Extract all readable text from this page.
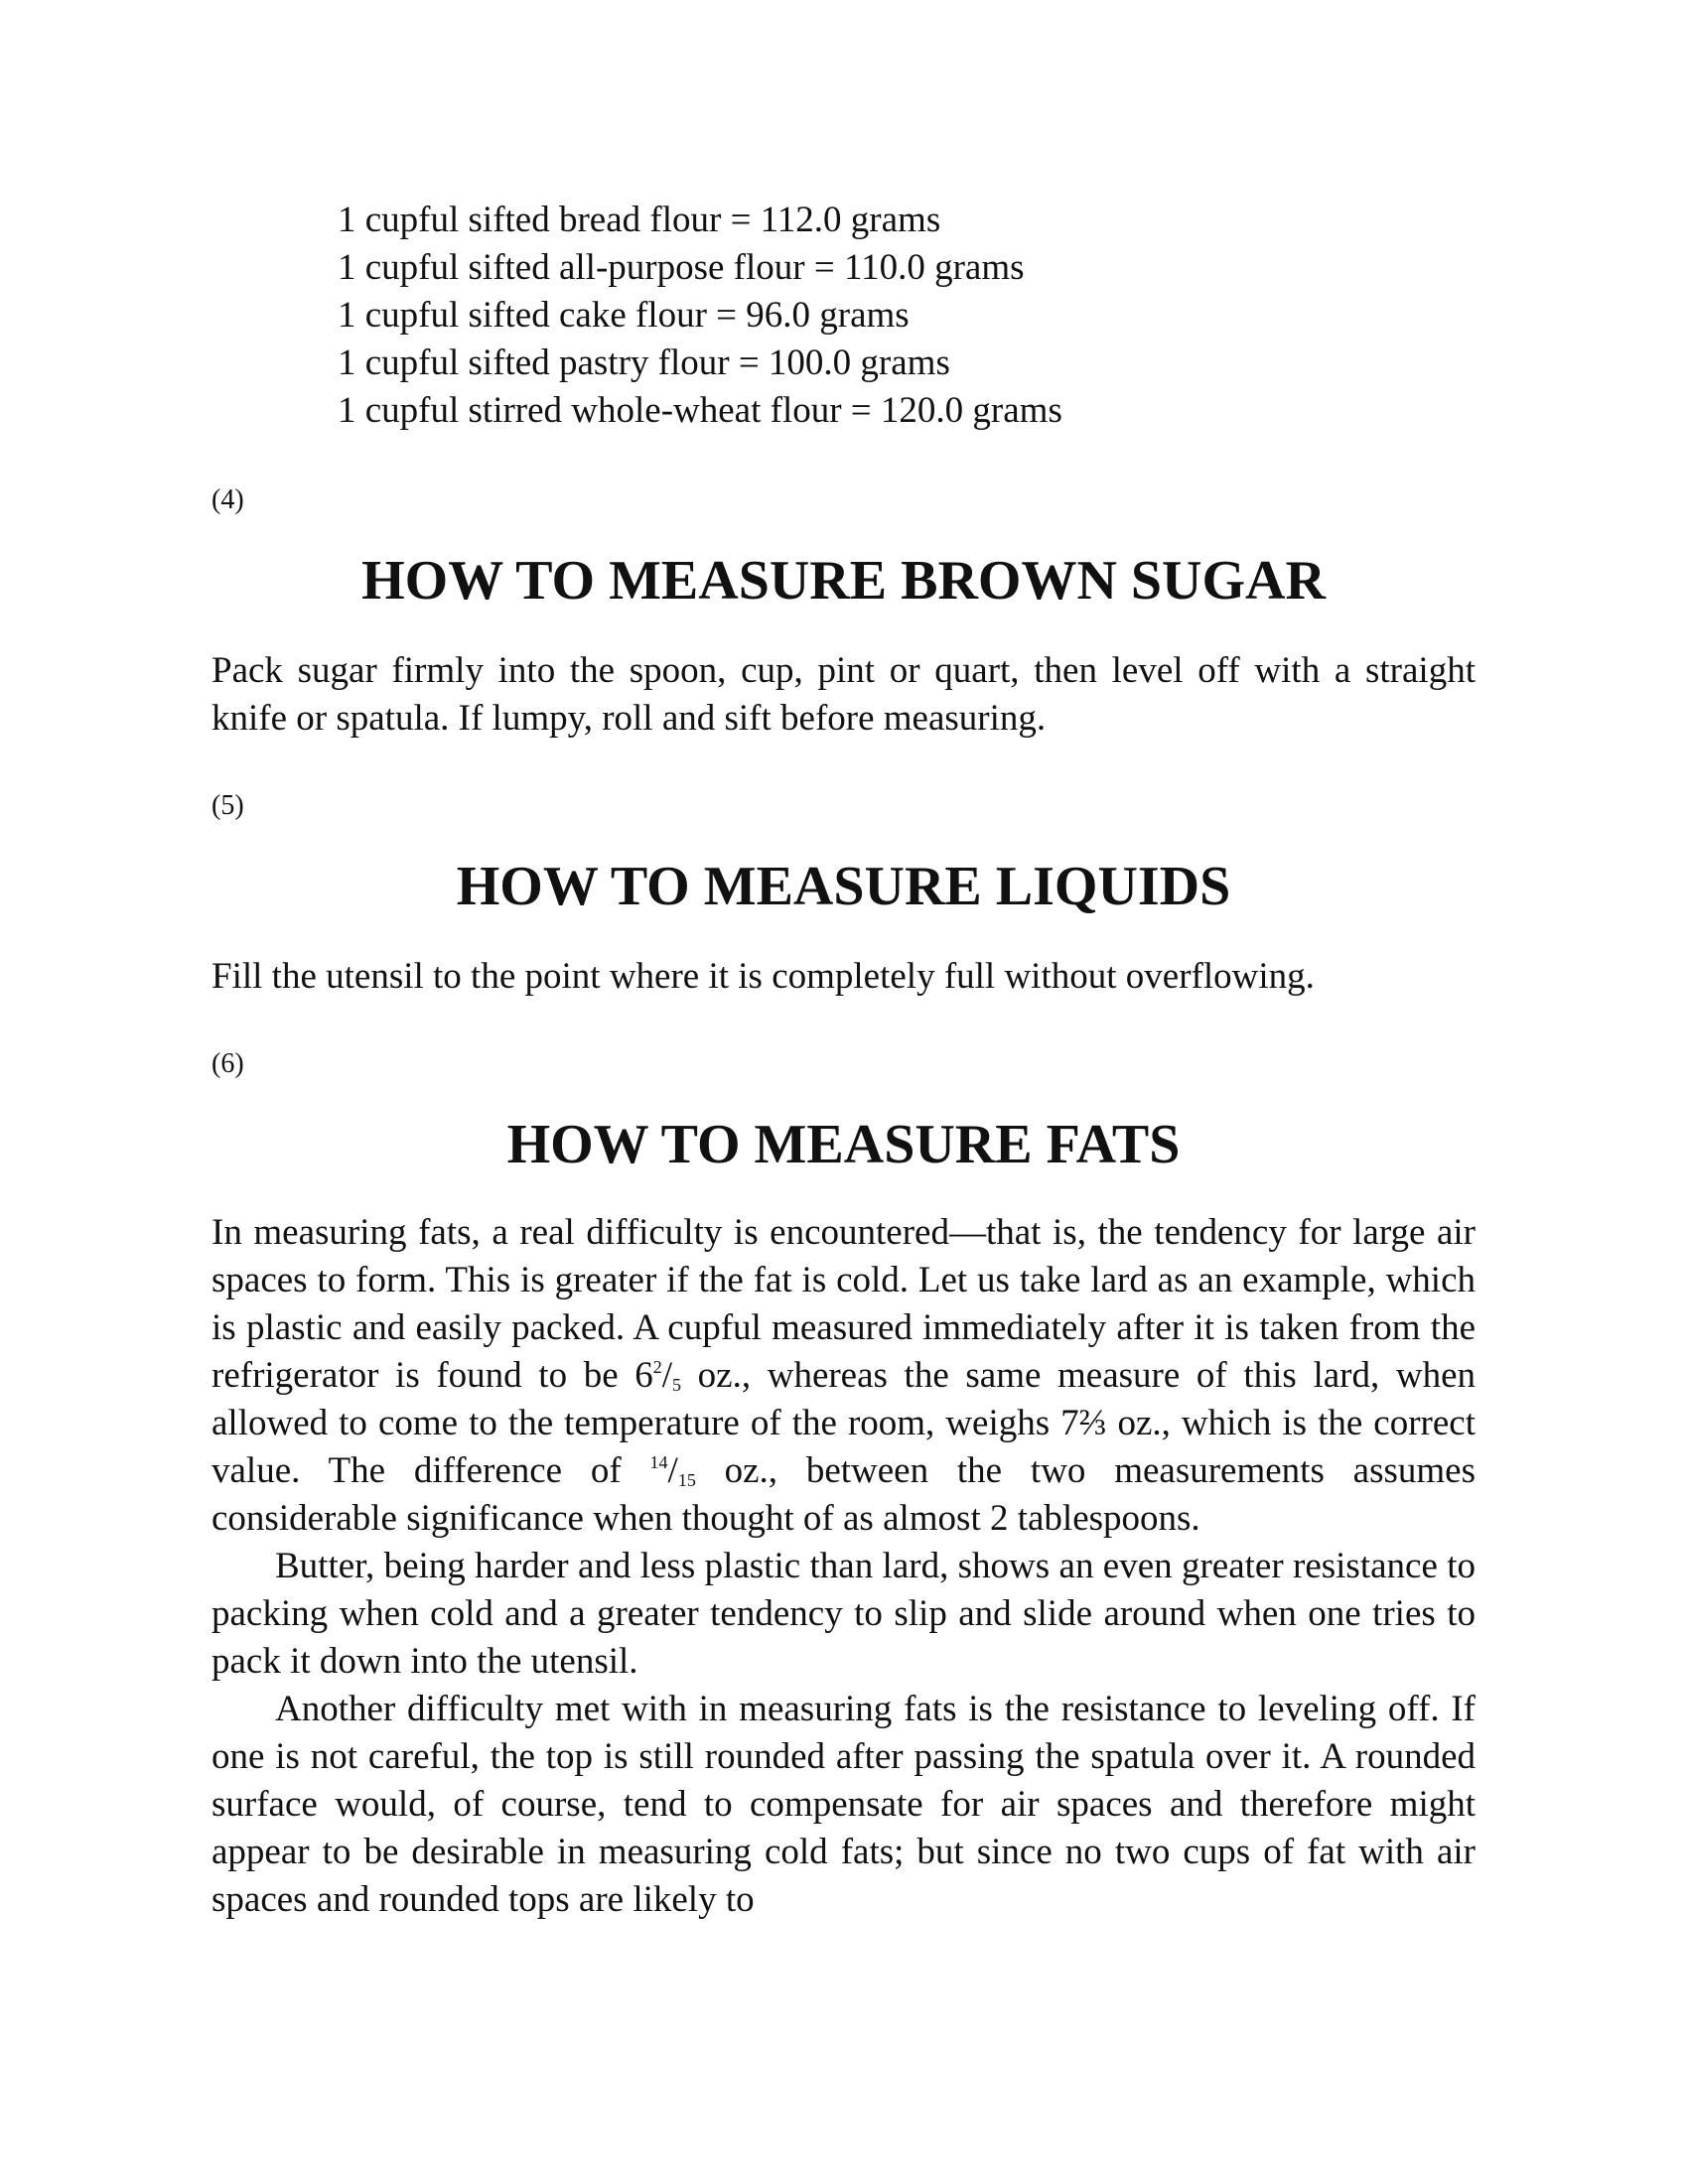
1 cupful sifted bread flour = 112.0 grams
1 cupful sifted all-purpose flour = 110.0 grams
1 cupful sifted cake flour = 96.0 grams
1 cupful sifted pastry flour = 100.0 grams
1 cupful stirred whole-wheat flour = 120.0 grams
(4)
HOW TO MEASURE BROWN SUGAR

Pack sugar firmly into the spoon, cup, pint or quart, then level off with a straight knife or spatula. If lumpy, roll and sift before measuring.

(5)
HOW TO MEASURE LIQUIDS

Fill the utensil to the point where it is completely full without overflowing.

(6)
HOW TO MEASURE FATS

In measuring fats, a real difficulty is encountered—that is, the tendency for large air spaces to form. This is greater if the fat is cold. Let us take lard as an example, which is plastic and easily packed. A cupful measured immediately after it is taken from the refrigerator is found to be $6^2/5$ oz., whereas the same measure of this lard, when allowed to come to the temperature of the room, weighs 7⅔ oz., which is the correct value. The difference of $^{14}$/15 oz., between the two measurements assumes considerable significance when thought of as almost 2 tablespoons.

Butter, being harder and less plastic than lard, shows an even greater resistance to packing when cold and a greater tendency to slip and slide around when one tries to pack it down into the utensil.

Another difficulty met with in measuring fats is the resistance to leveling off. If one is not careful, the top is still rounded after passing the spatula over it. A rounded surface would, of course, tend to compensate for air spaces and therefore might appear to be desirable in measuring cold fats; but since no two cups of fat with air spaces and rounded tops are likely to
